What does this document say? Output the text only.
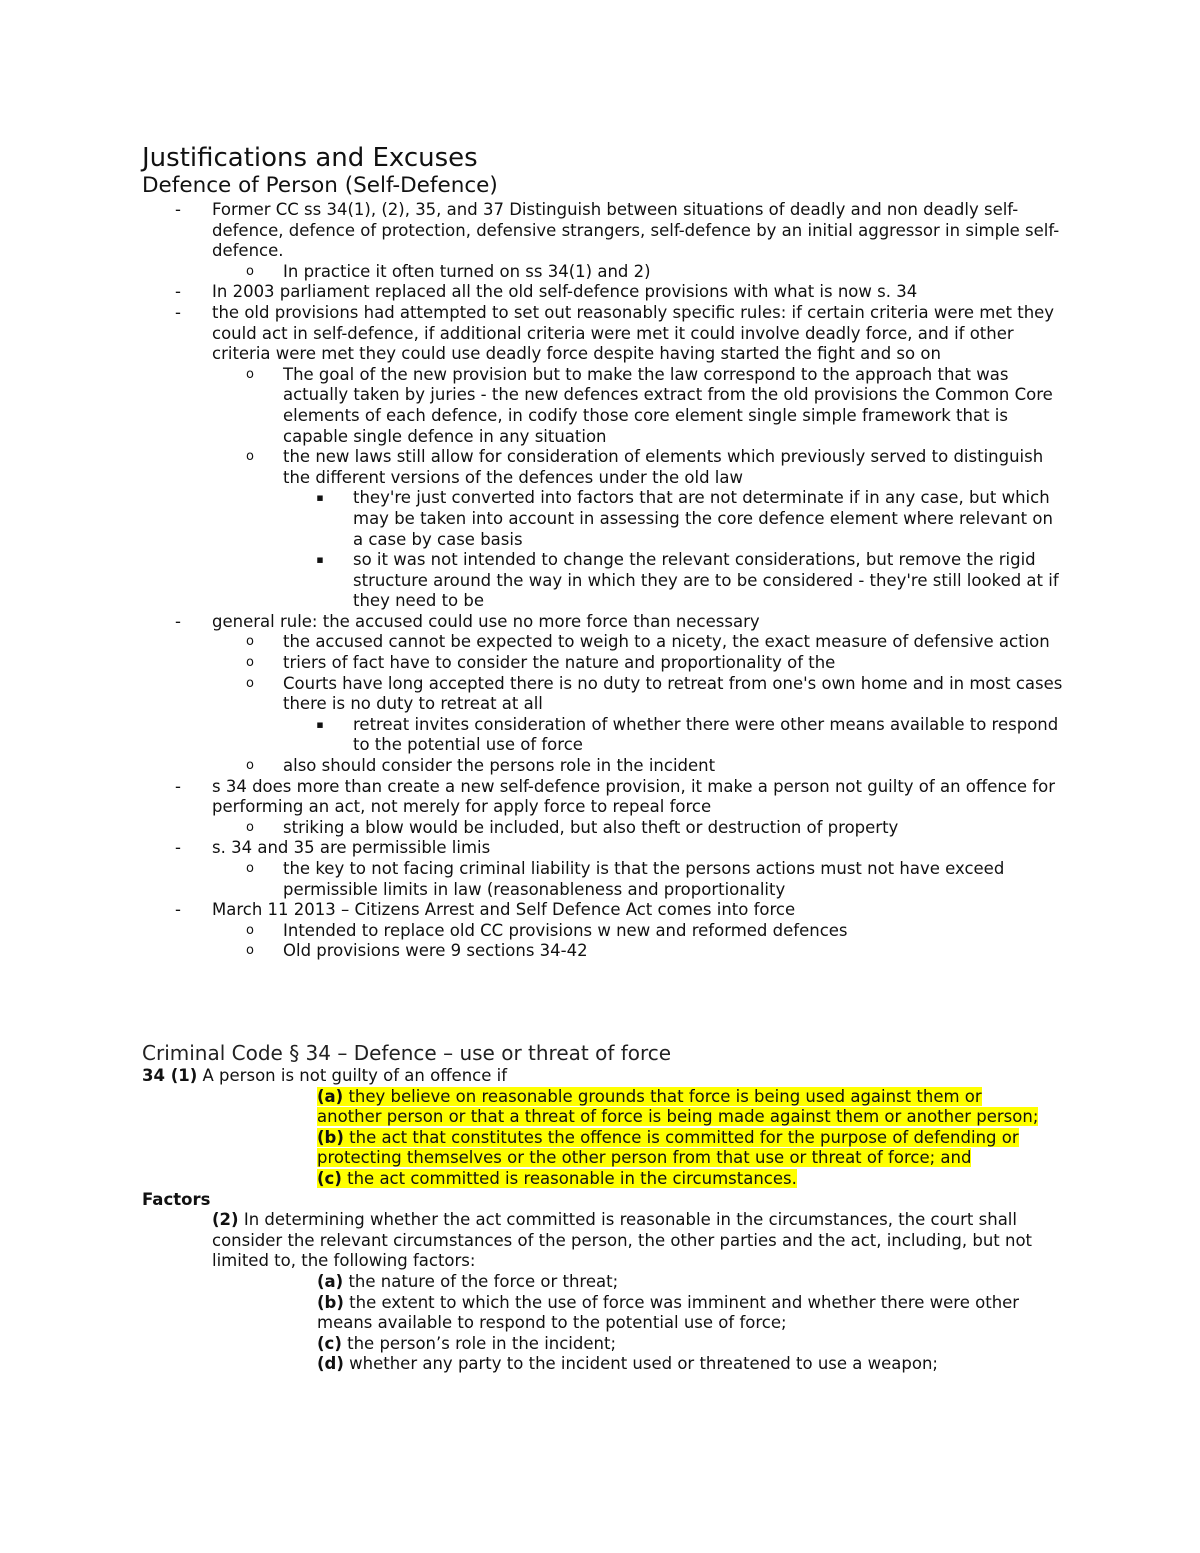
Justifications and Excuses
Defence of Person (Self-Defence)
-	Former CC ss 34(1), (2), 35, and 37 Distinguish between situations of deadly and non deadly self-defence, defence of protection, defensive strangers, self-defence by an initial aggressor in simple self-defence.
o In practice it often turned on ss 34(1) and 2)
-	In 2003 parliament replaced all the old self-defence provisions with what is now s. 34
-	the old provisions had attempted to set out reasonably specific rules: if certain criteria were met they could act in self-defence, if additional criteria were met it could involve deadly force, and if other criteria were met they could use deadly force despite having started the fight and so on
o The goal of the new provision but to make the law correspond to the approach that was actually taken by juries - the new defences extract from the old provisions the Common Core elements of each defence, in codify those core element single simple framework that is capable single defence in any situation
o the new laws still allow for consideration of elements which previously served to distinguish the different versions of the defences under the old law
▪ they're just converted into factors that are not determinate if in any case, but which may be taken into account in assessing the core defence element where relevant on a case by case basis
▪ so it was not intended to change the relevant considerations, but remove the rigid structure around the way in which they are to be considered - they're still looked at if they need to be
-	general rule: the accused could use no more force than necessary
o the accused cannot be expected to weigh to a nicety, the exact measure of defensive action
o triers of fact have to consider the nature and proportionality of the
o Courts have long accepted there is no duty to retreat from one's own home and in most cases there is no duty to retreat at all
▪ retreat invites consideration of whether there were other means available to respond to the potential use of force
o also should consider the persons role in the incident
-	s 34 does more than create a new self-defence provision, it make a person not guilty of an offence for performing an act, not merely for apply force to repeal force
o striking a blow would be included, but also theft or destruction of property
-	s. 34 and 35 are permissible limis
o the key to not facing criminal liability is that the persons actions must not have exceed permissible limits in law (reasonableness and proportionality
-	March 11 2013 – Citizens Arrest and Self Defence Act comes into force
o Intended to replace old CC provisions w new and reformed defences
o Old provisions were 9 sections 34-42
Criminal Code § 34 – Defence – use or threat of force
34 (1) A person is not guilty of an offence if
(a) they believe on reasonable grounds that force is being used against them or another person or that a threat of force is being made against them or another person;
(b) the act that constitutes the offence is committed for the purpose of defending or protecting themselves or the other person from that use or threat of force; and
(c) the act committed is reasonable in the circumstances.
Factors
(2) In determining whether the act committed is reasonable in the circumstances, the court shall consider the relevant circumstances of the person, the other parties and the act, including, but not limited to, the following factors:
(a) the nature of the force or threat;
(b) the extent to which the use of force was imminent and whether there were other means available to respond to the potential use of force;
(c) the person’s role in the incident;
(d) whether any party to the incident used or threatened to use a weapon;
